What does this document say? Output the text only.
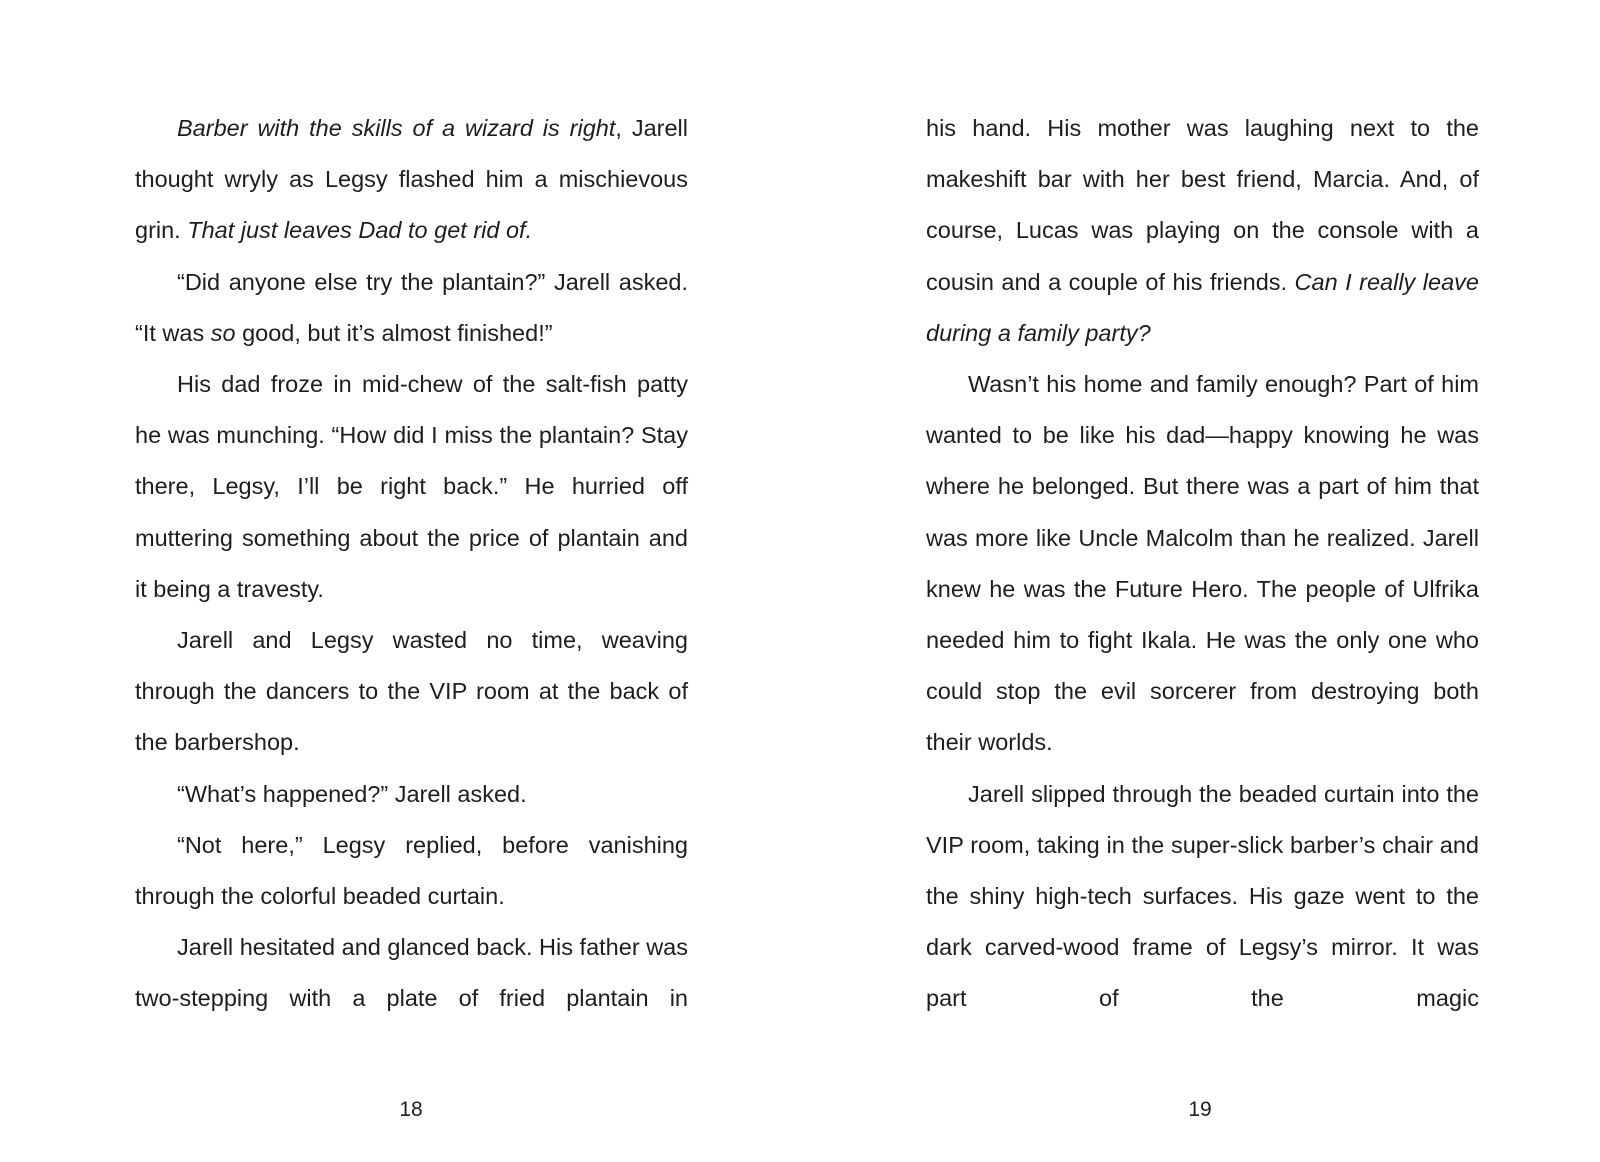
Barber with the skills of a wizard is right, Jarell thought wryly as Legsy flashed him a mischievous grin. That just leaves Dad to get rid of.

“Did anyone else try the plantain?” Jarell asked. “It was so good, but it’s almost finished!”

His dad froze in mid-chew of the salt-fish patty he was munching. “How did I miss the plantain? Stay there, Legsy, I’ll be right back.” He hurried off muttering something about the price of plantain and it being a travesty.

Jarell and Legsy wasted no time, weaving through the dancers to the VIP room at the back of the barbershop.

“What’s happened?” Jarell asked.

“Not here,” Legsy replied, before vanishing through the colorful beaded curtain.

Jarell hesitated and glanced back. His father was two-stepping with a plate of fried plantain in

his hand. His mother was laughing next to the makeshift bar with her best friend, Marcia. And, of course, Lucas was playing on the console with a cousin and a couple of his friends. Can I really leave during a family party?

Wasn’t his home and family enough? Part of him wanted to be like his dad—happy knowing he was where he belonged. But there was a part of him that was more like Uncle Malcolm than he realized. Jarell knew he was the Future Hero. The people of Ulfrika needed him to fight Ikala. He was the only one who could stop the evil sorcerer from destroying both their worlds.

Jarell slipped through the beaded curtain into the VIP room, taking in the super-slick barber’s chair and the shiny high-tech surfaces. His gaze went to the dark carved-wood frame of Legsy’s mirror. It was part of the magic

18	19
